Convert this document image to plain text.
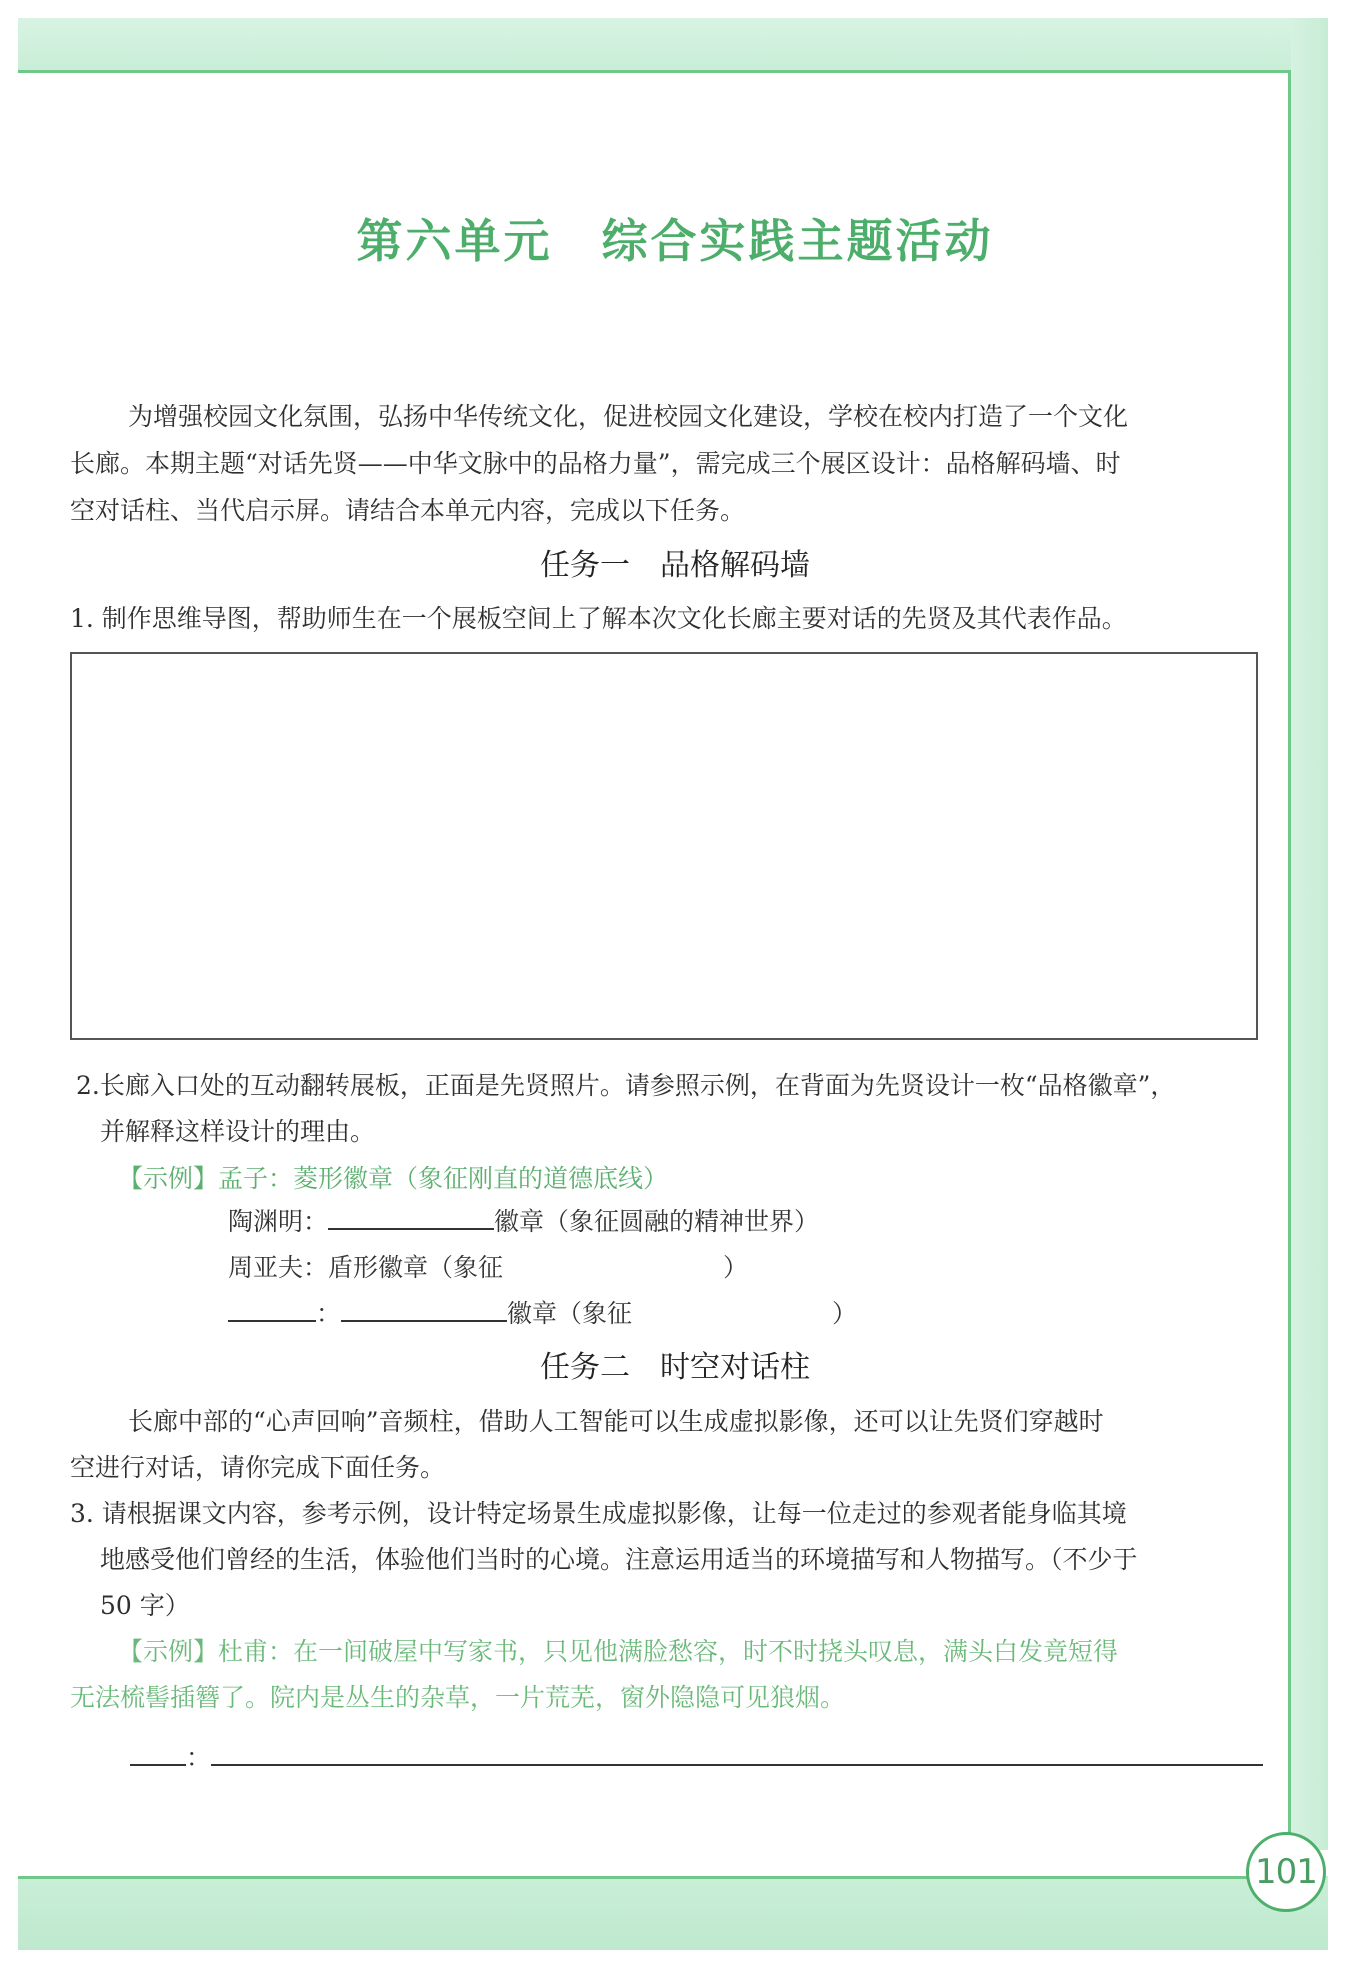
101
第六单元　综合实践主题活动
为增强校园文化氛围，弘扬中华传统文化，促进校园文化建设，学校在校内打造了一个文化
长廊。本期主题“对话先贤——中华文脉中的品格力量”，需完成三个展区设计：品格解码墙、时
空对话柱、当代启示屏。请结合本单元内容，完成以下任务。
任务一　品格解码墙
1. 制作思维导图，帮助师生在一个展板空间上了解本次文化长廊主要对话的先贤及其代表作品。
2.长廊入口处的互动翻转展板，正面是先贤照片。请参照示例，在背面为先贤设计一枚“品格徽章”，
并解释这样设计的理由。
【示例】孟子：菱形徽章（象征刚直的道德底线）
陶渊明：	徽章（象征圆融的精神世界）
周亚夫：盾形徽章（象征	）
：	徽章（象征	）
任务二　时空对话柱
长廊中部的“心声回响”音频柱，借助人工智能可以生成虚拟影像，还可以让先贤们穿越时
空进行对话，请你完成下面任务。
3. 请根据课文内容，参考示例，设计特定场景生成虚拟影像，让每一位走过的参观者能身临其境
地感受他们曾经的生活，体验他们当时的心境。注意运用适当的环境描写和人物描写。（不少于
50 字）
【示例】杜甫：在一间破屋中写家书，只见他满脸愁容，时不时挠头叹息，满头白发竟短得
无法梳髻插簪了。院内是丛生的杂草，一片荒芜，窗外隐隐可见狼烟。
：
